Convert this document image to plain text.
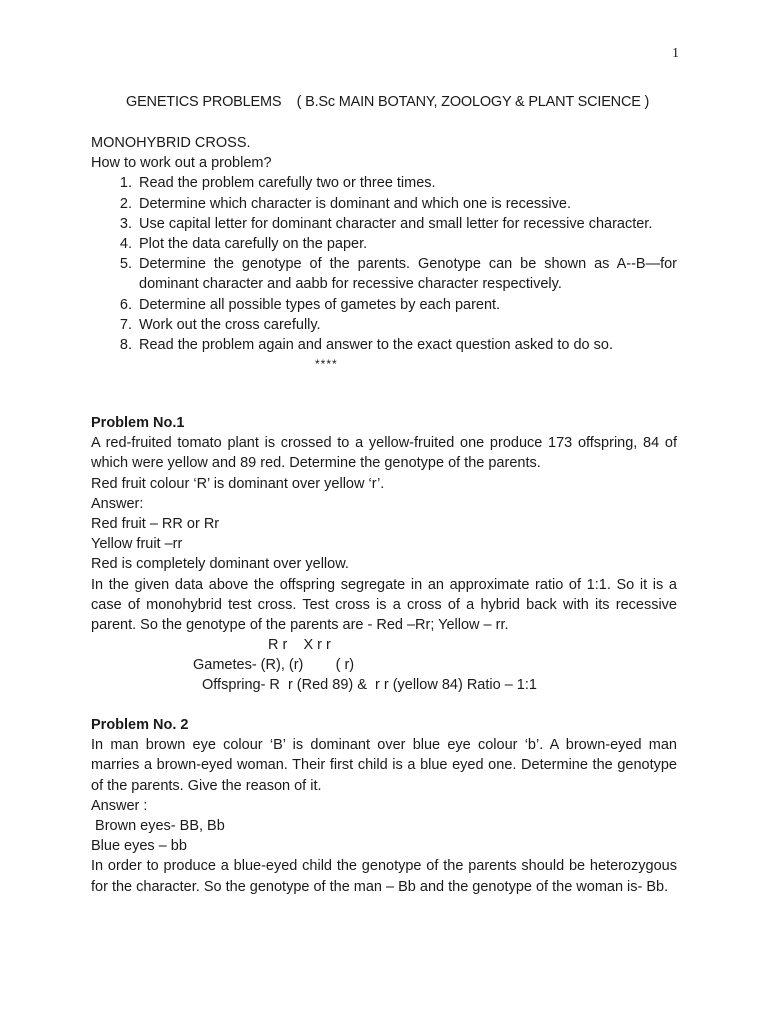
1
GENETICS PROBLEMS    ( B.Sc MAIN BOTANY, ZOOLOGY & PLANT SCIENCE )

MONOHYBRID CROSS.

How to work out a problem?

1. Read the problem carefully two or three times.
2. Determine which character is dominant and which one is recessive.
3. Use capital letter for dominant character and small letter for recessive character.
4. Plot the data carefully on the paper.
5. Determine the genotype of the parents. Genotype can be shown as A--B—for dominant character and aabb for recessive character respectively.
6. Determine all possible types of gametes by each parent.
7. Work out the cross carefully.
8. Read the problem again and answer to the exact question asked to do so.
****

Problem No.1

A red-fruited tomato plant is crossed to a yellow-fruited one produce 173 offspring, 84 of which were yellow and 89 red. Determine the genotype of the parents.

Red fruit colour ‘R’ is dominant over yellow ‘r’.

Answer:

Red fruit – RR or Rr

Yellow fruit –rr

Red is completely dominant over yellow.

In the given data above the offspring segregate in an approximate ratio of 1:1. So it is a case of monohybrid test cross. Test cross is a cross of a hybrid back with its recessive parent. So the genotype of the parents are - Red –Rr; Yellow – rr.

R r    X r r
Gametes- (R), (r)        ( r)
Offspring- R  r (Red 89) &  r r (yellow 84) Ratio – 1:1

Problem No. 2

In man brown eye colour ‘B’ is dominant over blue eye colour ‘b’. A brown-eyed man marries a brown-eyed woman. Their first child is a blue eyed one. Determine the genotype of the parents. Give the reason of it.

Answer :

Brown eyes- BB, Bb

Blue eyes – bb

In order to produce a blue-eyed child the genotype of the parents should be heterozygous for the character. So the genotype of the man – Bb and the genotype of the woman is- Bb.
